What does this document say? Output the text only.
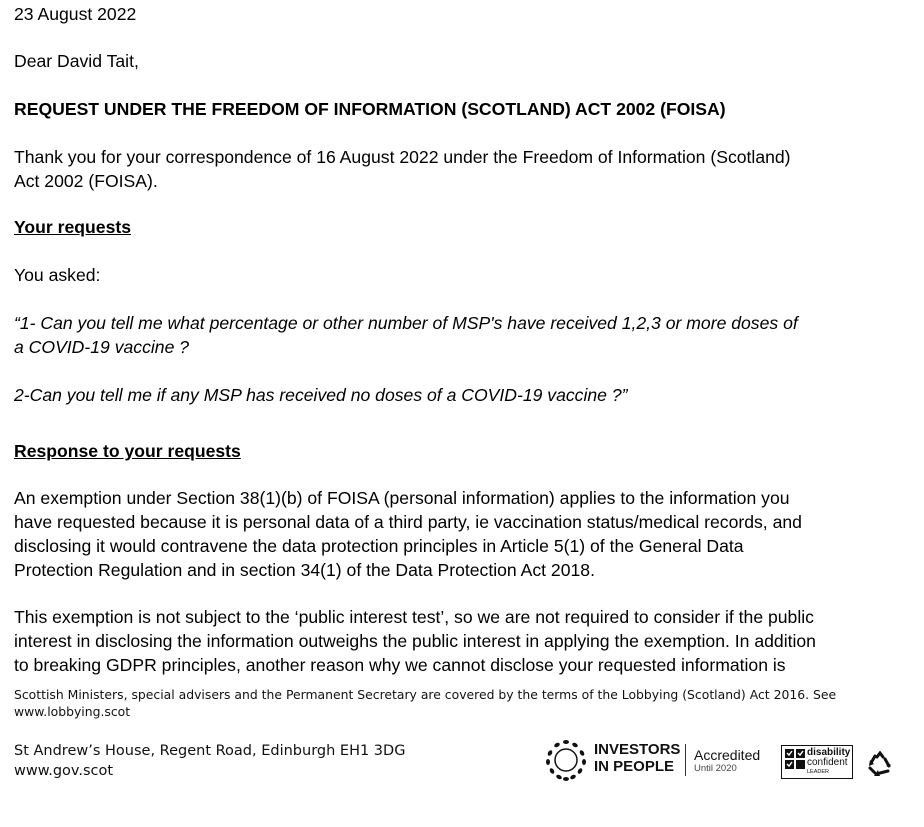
23 August 2022
Dear David Tait,
REQUEST UNDER THE FREEDOM OF INFORMATION (SCOTLAND) ACT 2002 (FOISA)
Thank you for your correspondence of 16 August 2022 under the Freedom of Information (Scotland)
Act 2002 (FOISA).
Your requests
You asked:
“1- Can you tell me what percentage or other number of MSP's have received 1,2,3 or more doses of
a COVID-19 vaccine ?
2-Can you tell me if any MSP has received no doses of a COVID-19 vaccine ?”
Response to your requests
An exemption under Section 38(1)(b) of FOISA (personal information) applies to the information you
have requested because it is personal data of a third party, ie vaccination status/medical records, and
disclosing it would contravene the data protection principles in Article 5(1) of the General Data
Protection Regulation and in section 34(1) of the Data Protection Act 2018.
This exemption is not subject to the ‘public interest test’, so we are not required to consider if the public
interest in disclosing the information outweighs the public interest in applying the exemption. In addition
to breaking GDPR principles, another reason why we cannot disclose your requested information is
Scottish Ministers, special advisers and the Permanent Secretary are covered by the terms of the Lobbying (Scotland) Act 2016. See
www.lobbying.scot
St Andrew’s House, Regent Road, Edinburgh EH1 3DG
www.gov.scot
INVESTORS
IN PEOPLE
Accredited
Until 2020
disability
confident
LEADER
